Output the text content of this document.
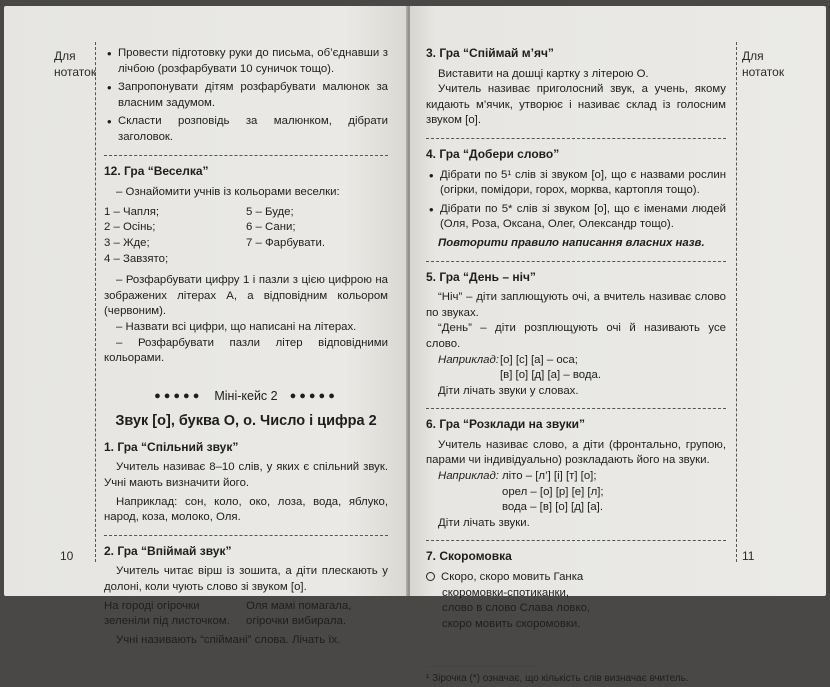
Для нотаток
10
• Провести підготовку руки до письма, об’єднавши з лічбою (розфарбувати 10 суничок тощо).
• Запропонувати дітям розфарбувати малюнок за власним задумом.
• Скласти розповідь за малюнком, дібрати заголовок.
12. Гра “Веселка”

– Ознайомити учнів із кольорами веселки:

1 – Чапля;
2 – Осінь;
3 – Жде;
4 – Завзято;
5 – Буде;
6 – Сани;
7 – Фарбувати.

– Розфарбувати цифру 1 і пазли з цією цифрою на зображених літерах А, а відповідним кольором (червоним).

– Назвати всі цифри, що написані на літерах.

– Розфарбувати пазли літер відповідними кольорами.

●●●●● Міні-кейс 2 ●●●●●
Звук [о], буква О, о. Число і цифра 2
1. Гра “Спільний звук”

Учитель називає 8–10 слів, у яких є спільний звук. Учні мають визначити його.

Наприклад: сон, коло, око, лоза, вода, яблуко, народ, коза, молоко, Оля.

2. Гра “Впіймай звук”

Учитель читає вірш із зошита, а діти плескають у долоні, коли чують слово зі звуком [о].

На городі огірочки
зеленіли під листочком.
Оля мамі помагала,
огірочки вибирала.

Учні називають “спіймані” слова. Лічать їх.

Для нотаток
11
3. Гра “Спіймай м’яч”

Виставити на дошці картку з літерою О.

Учитель називає приголосний звук, а учень, якому кидають м’ячик, утворює і називає склад із голосним звуком [о].

4. Гра “Добери слово”
• Дібрати по 5¹ слів зі звуком [о], що є назвами рослин (огірки, помідори, горох, морква, картопля тощо).
• Дібрати по 5* слів зі звуком [о], що є іменами людей (Оля, Роза, Оксана, Олег, Олександр тощо).

Повторити правило написання власних назв.

5. Гра “День – ніч”

“Ніч” – діти заплющують очі, а вчитель називає слово по звуках.

“День” – діти розплющують очі й називають усе слово.

Наприклад:[о] [с] [а] – оса;
[в] [о] [д] [а] – вода.

Діти лічать звуки у словах.

6. Гра “Розклади на звуки”

Учитель називає слово, а діти (фронтально, групою, парами чи індивідуально) розкладають його на звуки.

Наприклад: літо – [л’] [і] [т] [о];
орел – [о] [р] [е] [л];
вода – [в] [о] [д] [а].

Діти лічать звуки.

7. Скоромовка
Скоро, скоро мовить Ганка
скоромовки-спотиканки,
слово в слово Слава ловко,
скоро мовить скоромовки.
¹ Зірочка (*) означає, що кількість слів визначає вчитель.
